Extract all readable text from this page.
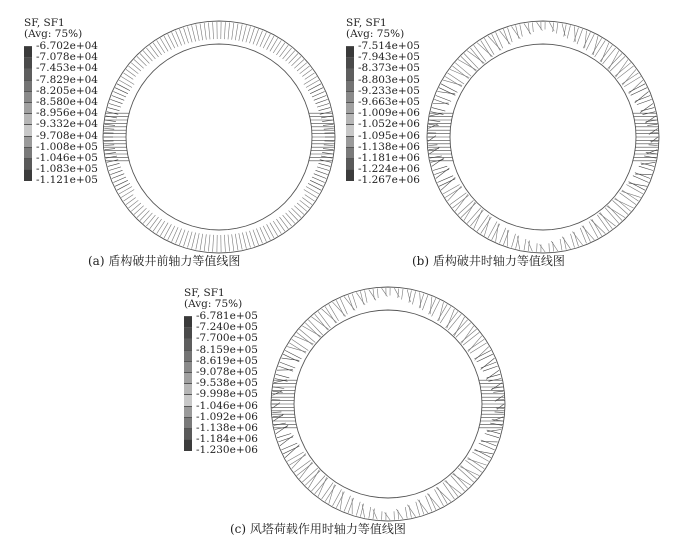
SF, SF1
(Avg: 75%)
-6.702e+04
-7.078e+04
-7.453e+04
-7.829e+04
-8.205e+04
-8.580e+04
-8.956e+04
-9.332e+04
-9.708e+04
-1.008e+05
-1.046e+05
-1.083e+05
-1.121e+05
(a) 盾构破井前轴力等值线图
SF, SF1
(Avg: 75%)
-7.514e+05
-7.943e+05
-8.373e+05
-8.803e+05
-9.233e+05
-9.663e+05
-1.009e+06
-1.052e+06
-1.095e+06
-1.138e+06
-1.181e+06
-1.224e+06
-1.267e+06
(b) 盾构破井时轴力等值线图
SF, SF1
(Avg: 75%)
-6.781e+05
-7.240e+05
-7.700e+05
-8.159e+05
-8.619e+05
-9.078e+05
-9.538e+05
-9.998e+05
-1.046e+06
-1.092e+06
-1.138e+06
-1.184e+06
-1.230e+06
(c) 风塔荷载作用时轴力等值线图
